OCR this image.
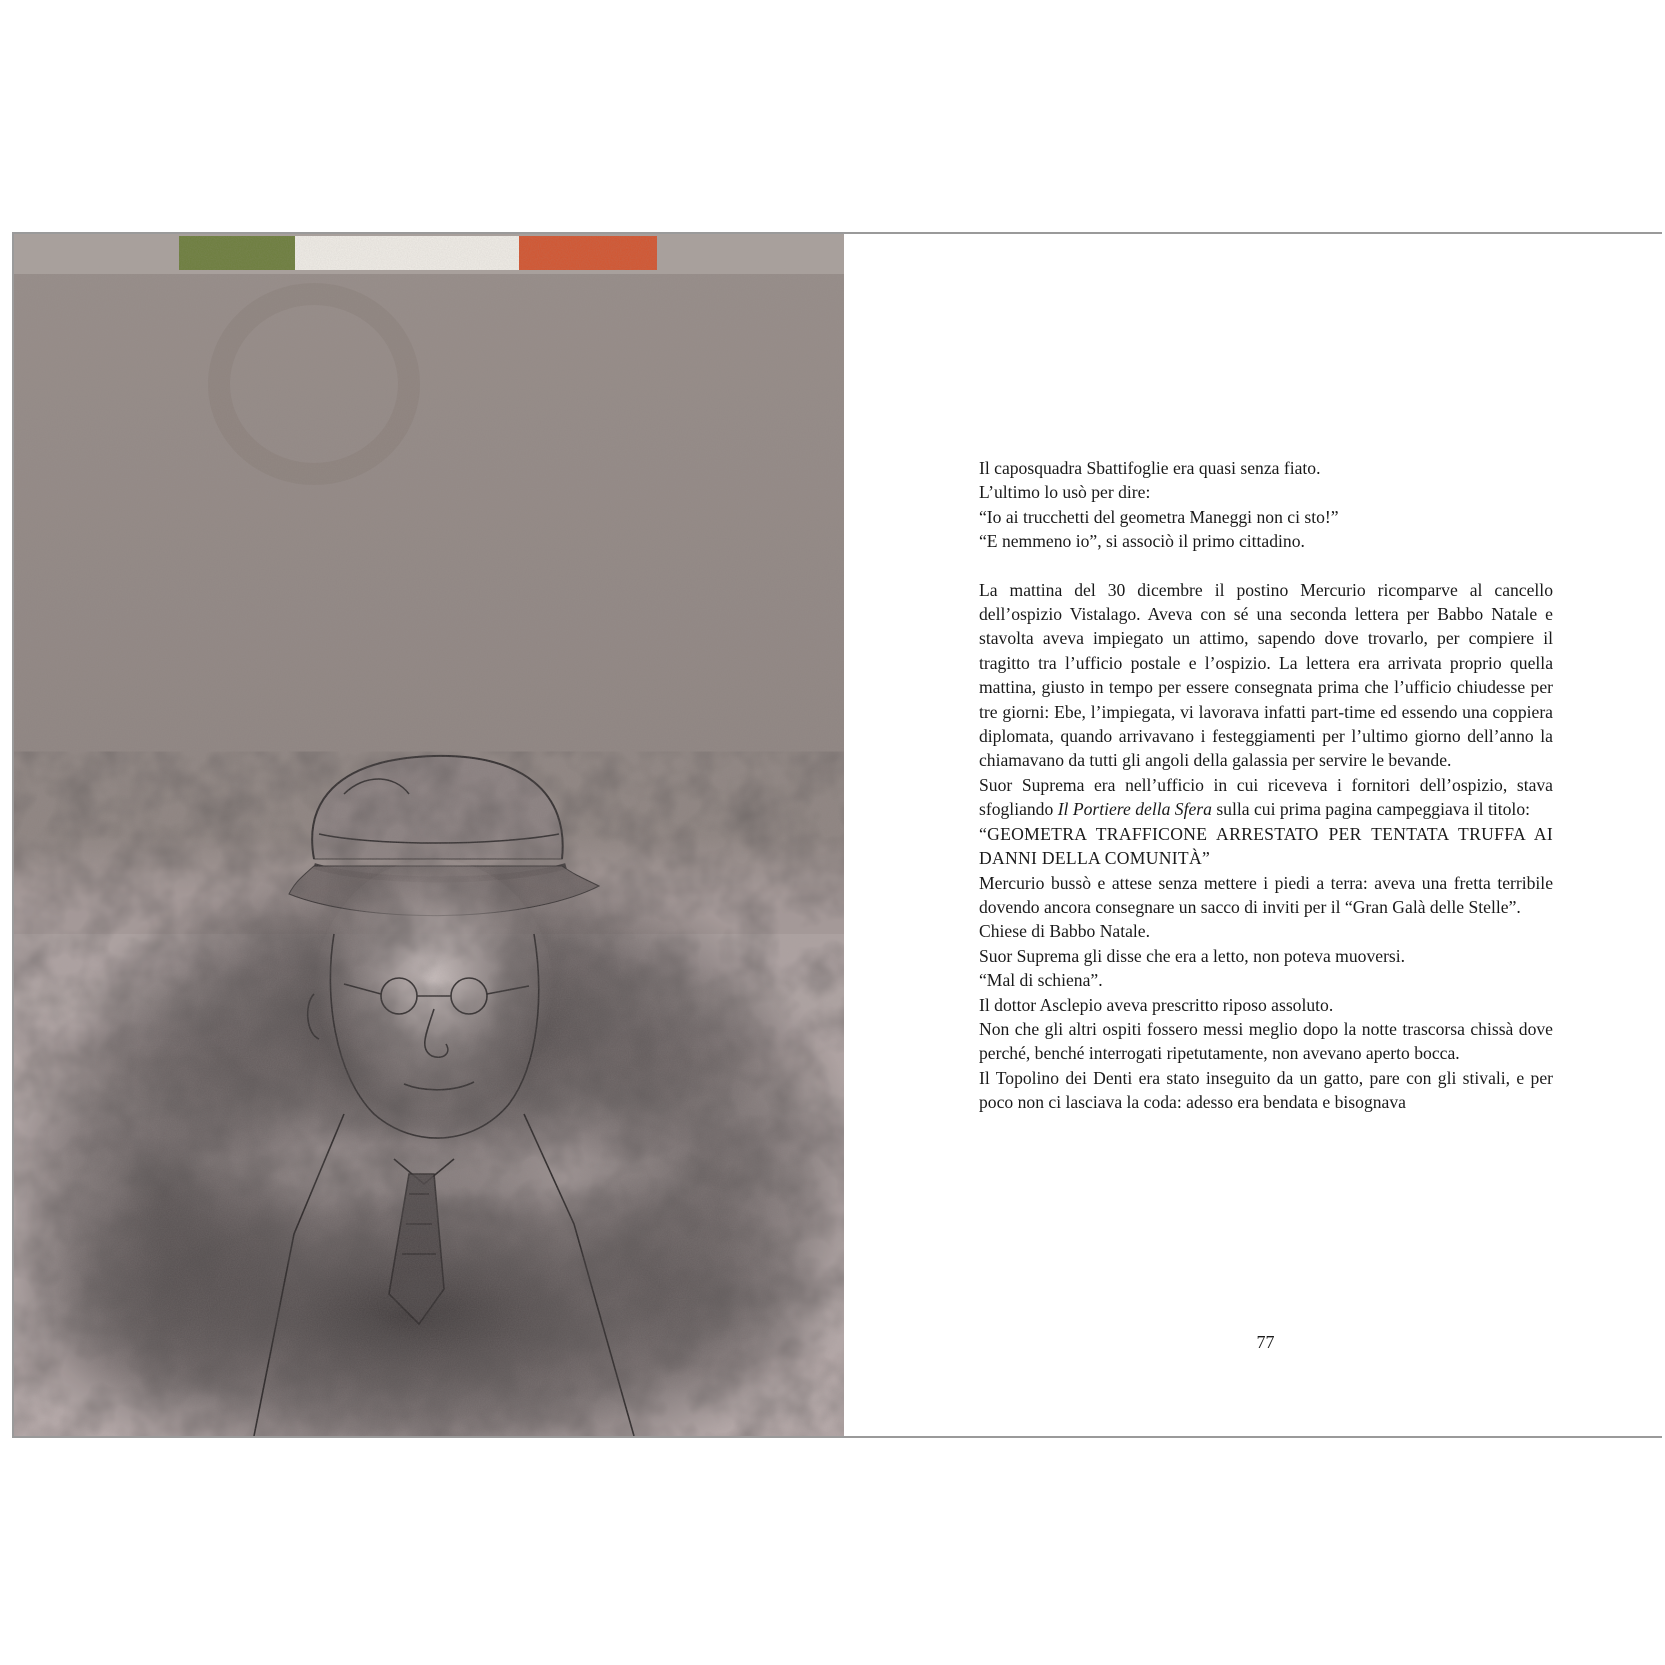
Il caposquadra Sbattifoglie era quasi senza fiato.

L’ultimo lo usò per dire:

“Io ai trucchetti del geometra Maneggi non ci sto!”

“E nemmeno io”, si associò il primo cittadino.

La mattina del 30 dicembre il postino Mercurio ricomparve al cancello dell’ospizio Vistalago. Aveva con sé una seconda lettera per Babbo Natale e stavolta aveva impiegato un attimo, sapendo dove trovarlo, per compiere il tragitto tra l’ufficio postale e l’ospizio. La lettera era arrivata proprio quella mattina, giusto in tempo per essere consegnata prima che l’ufficio chiudesse per tre giorni: Ebe, l’impiegata, vi lavorava infatti part-time ed essendo una coppiera diplomata, quando arrivavano i festeggiamenti per l’ultimo giorno dell’anno la chiamavano da tutti gli angoli della galassia per servire le bevande.

Suor Suprema era nell’ufficio in cui riceveva i fornitori dell’ospizio, stava sfogliando Il Portiere della Sfera sulla cui prima pagina campeggiava il titolo:

“GEOMETRA TRAFFICONE ARRESTATO PER TENTATA TRUFFA AI DANNI DELLA COMUNITÀ”

Mercurio bussò e attese senza mettere i piedi a terra: aveva una fretta terribile dovendo ancora consegnare un sacco di inviti per il “Gran Galà delle Stelle”.

Chiese di Babbo Natale.

Suor Suprema gli disse che era a letto, non poteva muoversi.

“Mal di schiena”.

Il dottor Asclepio aveva prescritto riposo assoluto.

Non che gli altri ospiti fossero messi meglio dopo la notte trascorsa chissà dove perché, benché interrogati ripetutamente, non avevano aperto bocca.

Il Topolino dei Denti era stato inseguito da un gatto, pare con gli stivali, e per poco non ci lasciava la coda: adesso era bendata e bisognava

77
